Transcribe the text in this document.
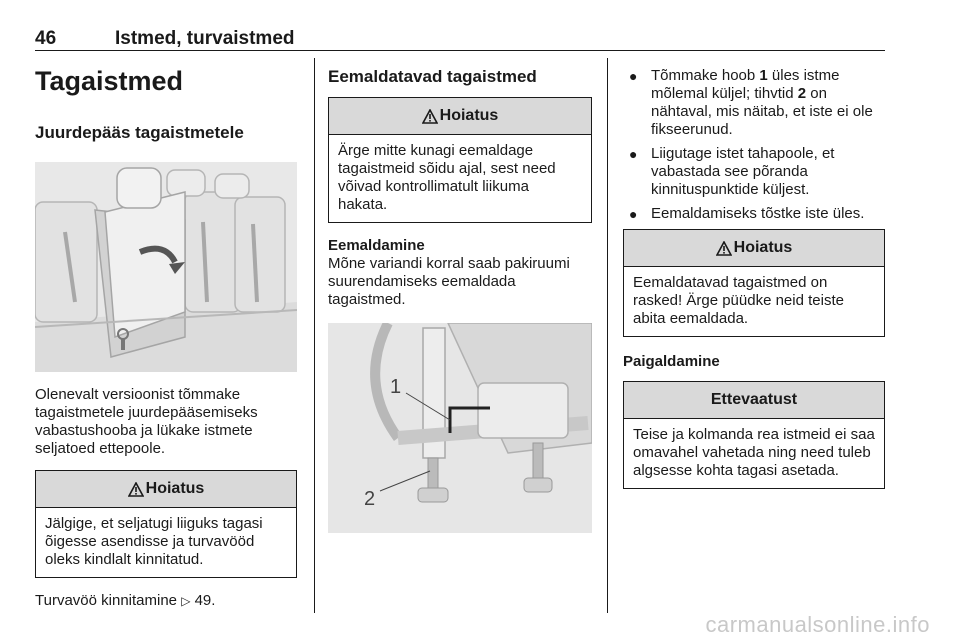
46	Istmed, turvaistmed
Tagaistmed
Juurdepääs tagaistmetele

Olenevalt versioonist tõmmake tagaistmetele juurdepääsemiseks vabastushooba ja lükake istmete seljatoed ettepoole.

Hoiatus
Jälgige, et seljatugi liiguks tagasi õigesse asendisse ja turvavööd oleks kindlalt kinnitatud.

Turvavöö kinnitamine ▷ 49.

Eemaldatavad tagaistmed
Hoiatus
Ärge mitte kunagi eemaldage tagaistmeid sõidu ajal, sest need võivad kontrollimatult liikuma hakata.
Eemaldamine

Mõne variandi korral saab pakiruumi suurendamiseks eemaldada tagaistmed.

1
2
● Tõmmake hoob 1 üles istme mõlemal küljel; tihvtid 2 on nähtaval, mis näitab, et iste ei ole fikseerunud.
● Liigutage istet tahapoole, et vabastada see põranda kinnituspunktide küljest.
● Eemaldamiseks tõstke iste üles.
Hoiatus
Eemaldatavad tagaistmed on rasked! Ärge püüdke neid teiste abita eemaldada.
Paigaldamine
Ettevaatust
Teise ja kolmanda rea istmeid ei saa omavahel vahetada ning need tuleb algsesse kohta tagasi asetada.
carmanualsonline.info
